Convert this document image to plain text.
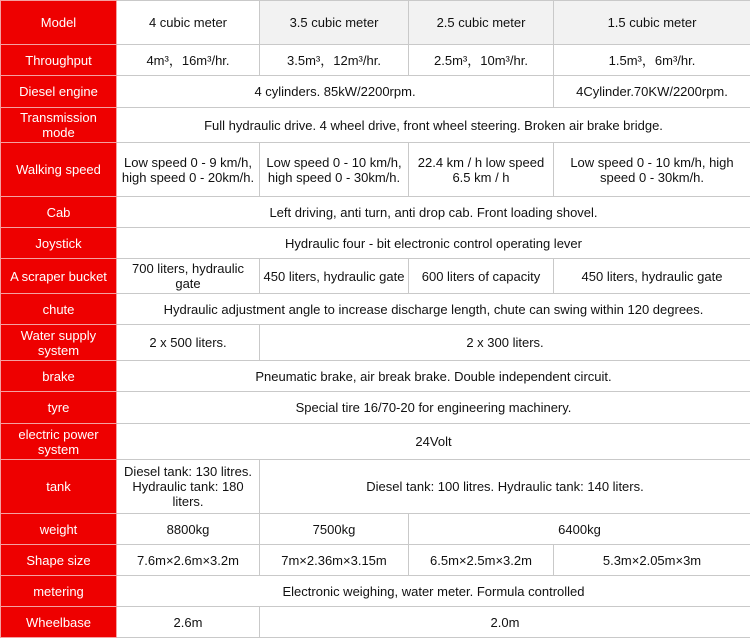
Model	4 cubic meter	3.5 cubic meter	2.5 cubic meter	1.5 cubic meter
Throughput	4m³，16m³/hr.	3.5m³，12m³/hr.	2.5m³，10m³/hr.	1.5m³，6m³/hr.
Diesel engine	4 cylinders. 85kW/2200rpm.			4Cylinder.70KW/2200rpm.
Transmission mode	Full hydraulic drive. 4 wheel drive, front wheel steering. Broken air brake bridge.			
Walking speed	Low speed 0 - 9 km/h, high speed 0 - 20km/h.	Low speed 0 - 10 km/h, high speed 0 - 30km/h.	22.4 km / h low speed 6.5 km / h	Low speed 0 - 10 km/h, high speed 0 - 30km/h.
Cab	Left driving, anti turn, anti drop cab. Front loading shovel.			
Joystick	Hydraulic four - bit electronic control operating lever			
A scraper bucket	700 liters, hydraulic gate	450 liters, hydraulic gate	600 liters of capacity	450 liters, hydraulic gate
chute	Hydraulic adjustment angle to increase discharge length, chute can swing within 120 degrees.			
Water supply system	2 x 500 liters.	2 x 300 liters.		
brake	Pneumatic brake, air break brake. Double independent circuit.			
tyre	Special tire 16/70-20 for engineering machinery.			
electric power system	24Volt			
tank	Diesel tank: 130 litres. Hydraulic tank: 180 liters.	Diesel tank: 100 litres. Hydraulic tank: 140 liters.		
weight	8800kg	7500kg	6400kg	
Shape size	7.6m×2.6m×3.2m	7m×2.36m×3.15m	6.5m×2.5m×3.2m	5.3m×2.05m×3m
metering	Electronic weighing, water meter. Formula controlled			
Wheelbase	2.6m	2.0m		
